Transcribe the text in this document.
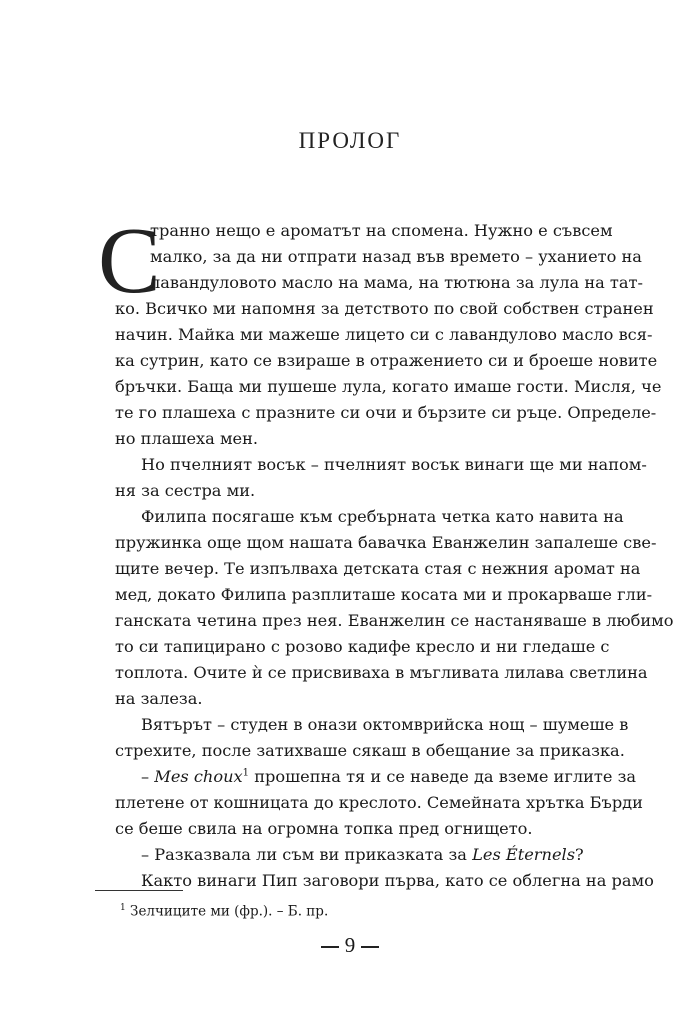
ПРОЛОГ
С
транно нещо е ароматът на спомена. Нужно е съвсем
малко, за да ни отпрати назад във времето – уханието на
лавандуловото масло на мама, на тютюна за лула на тат-
ко. Всичко ми напомня за детството по свой собствен странен
начин. Майка ми мажеше лицето си с лавандулово масло вся-
ка сутрин, като се взираше в отражението си и броеше новите
бръчки. Баща ми пушеше лула, когато имаше гости. Мисля, че
те го плашеха с празните си очи и бързите си ръце. Определе-
но плашеха мен.
Но пчелният восък – пчелният восък винаги ще ми напом-
ня за сестра ми.
Филипа посягаше към сребърната четка като навита на
пружинка още щом нашата бавачка Еванжелин запалеше све-
щите вечер. Те изпълваха детската стая с нежния аромат на
мед, докато Филипа разплиташе косата ми и прокарваше гли-
ганската четина през нея. Еванжелин се настаняваше в любимо
то си тапицирано с розово кадифе кресло и ни гледаше с
топлота. Очите ѝ се присвиваха в мъгливата лилава светлина
на залеза.
Вятърът – студен в онази октомврийска нощ – шумеше в
стрехите, после затихваше сякаш в обещание за приказка.
– Mes choux$^1$ прошепна тя и се наведе да вземе иглите за
плетене от кошницата до креслото. Семейната хрътка Бърди
се беше свила на огромна топка пред огнището.
– Разказвала ли съм ви приказката за Les Éternels?
Както винаги Пип заговори първа, като се облегна на рамо
$^1$ Зелчиците ми (фр.). – Б. пр.
9
